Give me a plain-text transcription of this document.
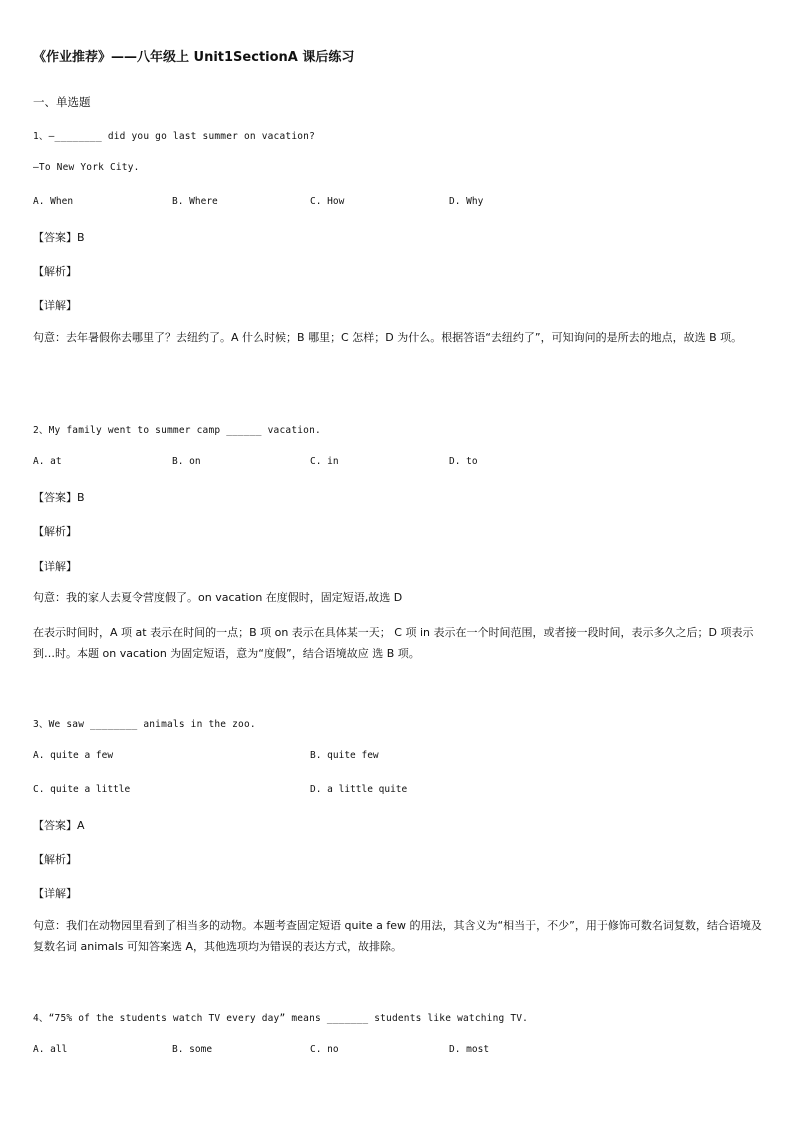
《作业推荐》——八年级上 Unit1SectionA 课后练习
一、单选题
1、—________ did you go last summer on vacation?
—To New York City.
A. When	B. Where	C. How	D. Why
【答案】B
【解析】
【详解】
句意：去年暑假你去哪里了？去纽约了。A 什么时候；B 哪里；C 怎样；D 为什么。根据答语“去纽约了”，可知询问的是所去的地点，故选 B 项。
2、My family went to summer camp ______ vacation.
A. at	B. on	C. in	D. to
【答案】B
【解析】
【详解】
句意：我的家人去夏令营度假了。on vacation 在度假时，固定短语,故选 D
在表示时间时，A 项 at 表示在时间的一点；B 项 on 表示在具体某一天； C 项 in 表示在一个时间范围，或者接一段时间，表示多久之后；D 项表示到…时。本题 on vacation 为固定短语，意为“度假”，结合语境故应 选 B 项。
3、We saw ________ animals in the zoo.
A. quite a few	B. quite few
C. quite a little	D. a little quite
【答案】A
【解析】
【详解】
句意：我们在动物园里看到了相当多的动物。本题考查固定短语 quite a few 的用法，其含义为“相当于，不少”，用于修饰可数名词复数，结合语境及复数名词 animals 可知答案选 A，其他选项均为错误的表达方式，故排除。
4、“75% of the students watch TV every day” means _______ students like watching TV.
A. all	B. some	C. no	D. most
